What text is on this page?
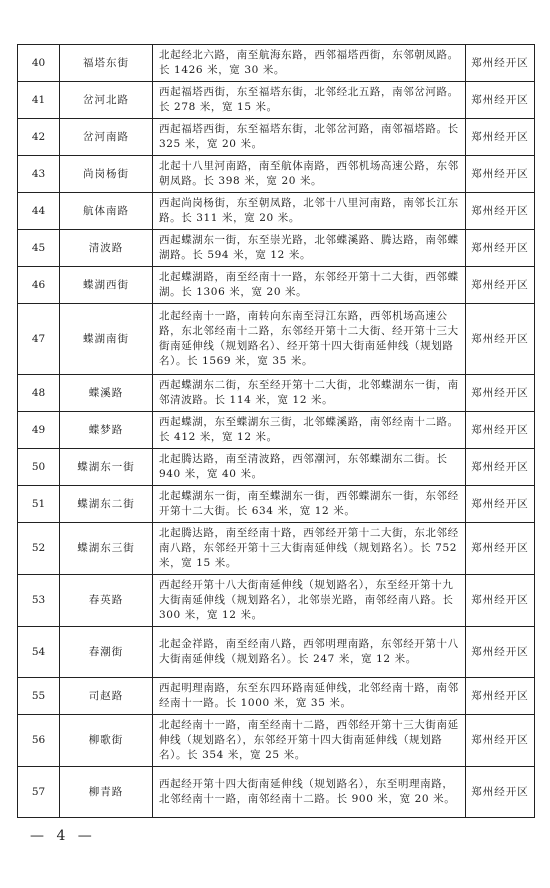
40	福塔东街	北起经北六路，南至航海东路，西邻福塔西街，东邻朝凤路。长 1426 米，宽 30 米。	郑州经开区
41	岔河北路	西起福塔西街，东至福塔东街，北邻经北五路，南邻岔河路。长 278 米，宽 15 米。	郑州经开区
42	岔河南路	西起福塔西街，东至福塔东街，北邻岔河路，南邻福塔路。长 325 米，宽 20 米。	郑州经开区
43	尚岗杨街	北起十八里河南路，南至航体南路，西邻机场高速公路，东邻朝凤路。长 398 米，宽 20 米。	郑州经开区
44	航体南路	西起尚岗杨街，东至朝凤路，北邻十八里河南路，南邻长江东路。长 311 米，宽 20 米。	郑州经开区
45	清波路	西起蝶湖东一街，东至崇光路，北邻蝶溪路、腾达路，南邻蝶湖路。长 594 米，宽 12 米。	郑州经开区
46	蝶湖西街	北起蝶湖路，南至经南十一路，东邻经开第十二大街，西邻蝶湖。长 1306 米，宽 20 米。	郑州经开区
47	蝶湖南街	北起经南十一路，南转向东南至浔江东路，西邻机场高速公路，东北邻经南十二路，东邻经开第十二大街、经开第十三大街南延伸线（规划路名）、经开第十四大街南延伸线（规划路名）。长 1569 米，宽 35 米。	郑州经开区
48	蝶溪路	西起蝶湖东二街，东至经开第十二大街，北邻蝶湖东一街，南邻清波路。长 114 米，宽 12 米。	郑州经开区
49	蝶梦路	西起蝶湖，东至蝶湖东三街，北邻蝶溪路，南邻经南十二路。长 412 米，宽 12 米。	郑州经开区
50	蝶湖东一街	北起腾达路，南至清波路，西邻潮河，东邻蝶湖东二街。长 940 米，宽 40 米。	郑州经开区
51	蝶湖东二街	北起蝶湖东一街，南至蝶湖东一街，西邻蝶湖东一街，东邻经开第十二大街。长 634 米，宽 12 米。	郑州经开区
52	蝶湖东三街	北起腾达路，南至经南十路，西邻经开第十二大街，东北邻经南八路，东邻经开第十三大街南延伸线（规划路名）。长 752 米，宽 15 米。	郑州经开区
53	春英路	西起经开第十八大街南延伸线（规划路名），东至经开第十九大街南延伸线（规划路名），北邻崇光路，南邻经南八路。长 300 米，宽 12 米。	郑州经开区
54	春潮街	北起金祥路，南至经南八路，西邻明理南路，东邻经开第十八大街南延伸线（规划路名）。长 247 米，宽 12 米。	郑州经开区
55	司赵路	西起明理南路，东至东四环路南延伸线，北邻经南十路，南邻经南十一路。长 1000 米，宽 35 米。	郑州经开区
56	柳歌街	北起经南十一路，南至经南十二路，西邻经开第十三大街南延伸线（规划路名），东邻经开第十四大街南延伸线（规划路名）。长 354 米，宽 25 米。	郑州经开区
57	柳青路	西起经开第十四大街南延伸线（规划路名），东至明理南路，北邻经南十一路，南邻经南十二路。长 900 米，宽 20 米。	郑州经开区
— 4 —
